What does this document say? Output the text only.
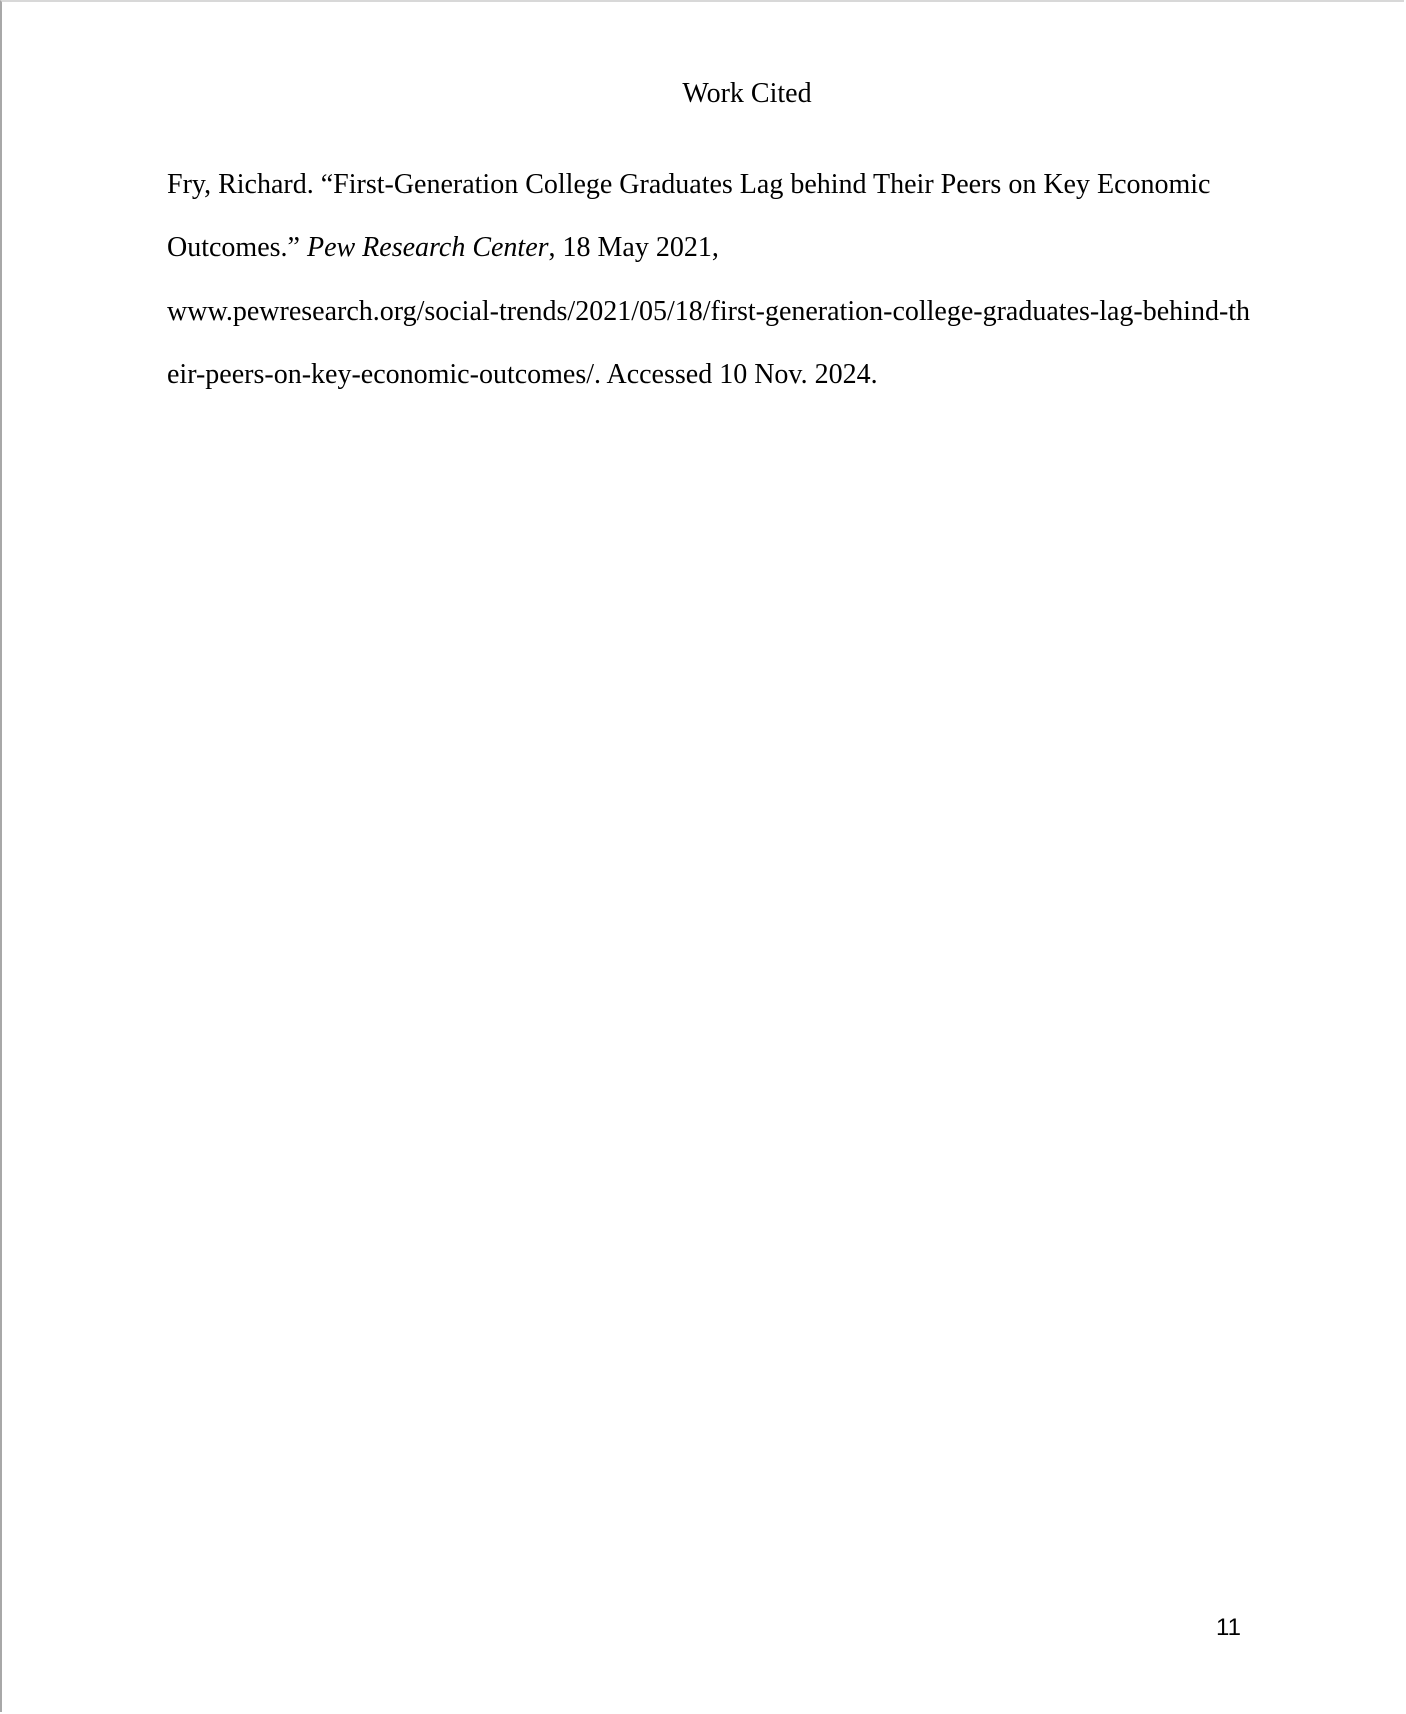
Work Cited
Fry, Richard. “First-Generation College Graduates Lag behind Their Peers on Key Economic
Outcomes.” Pew Research Center, 18 May 2021,
www.pewresearch.org/social-trends/2021/05/18/first-generation-college-graduates-lag-behind-th
eir-peers-on-key-economic-outcomes/. Accessed 10 Nov. 2024.
11
